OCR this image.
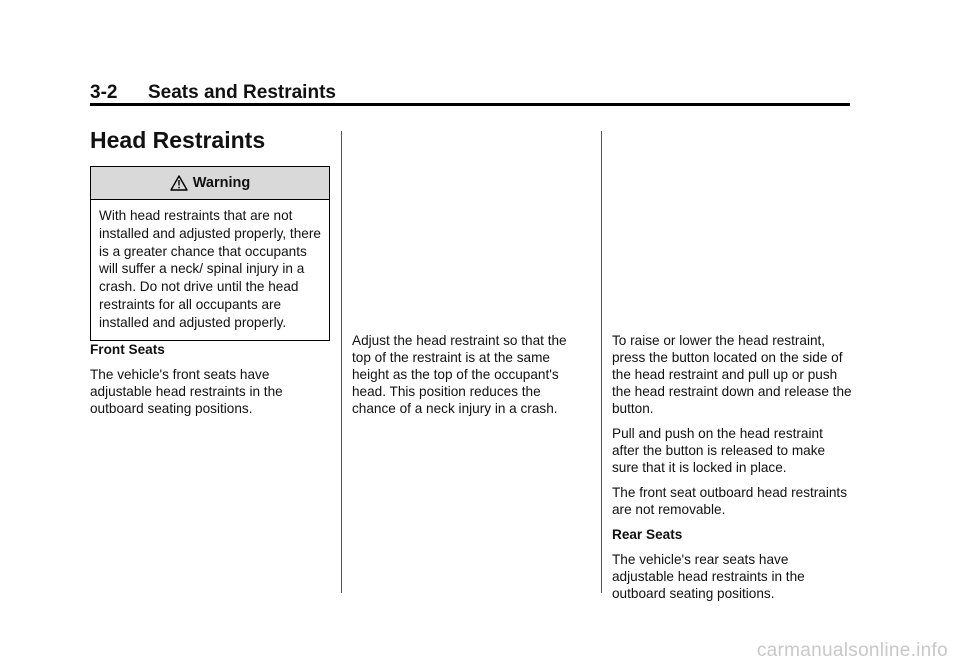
3-2 Seats and Restraints
Head Restraints
Warning
With head restraints that are not installed and adjusted properly, there is a greater chance that occupants will suffer a neck/ spinal injury in a crash. Do not drive until the head restraints for all occupants are installed and adjusted properly.

Front Seats

The vehicle's front seats have adjustable head restraints in the outboard seating positions.

Adjust the head restraint so that the top of the restraint is at the same height as the top of the occupant's head. This position reduces the chance of a neck injury in a crash.

To raise or lower the head restraint, press the button located on the side of the head restraint and pull up or push the head restraint down and release the button.

Pull and push on the head restraint after the button is released to make sure that it is locked in place.

The front seat outboard head restraints are not removable.

Rear Seats

The vehicle's rear seats have adjustable head restraints in the outboard seating positions.

carmanualsonline.info
